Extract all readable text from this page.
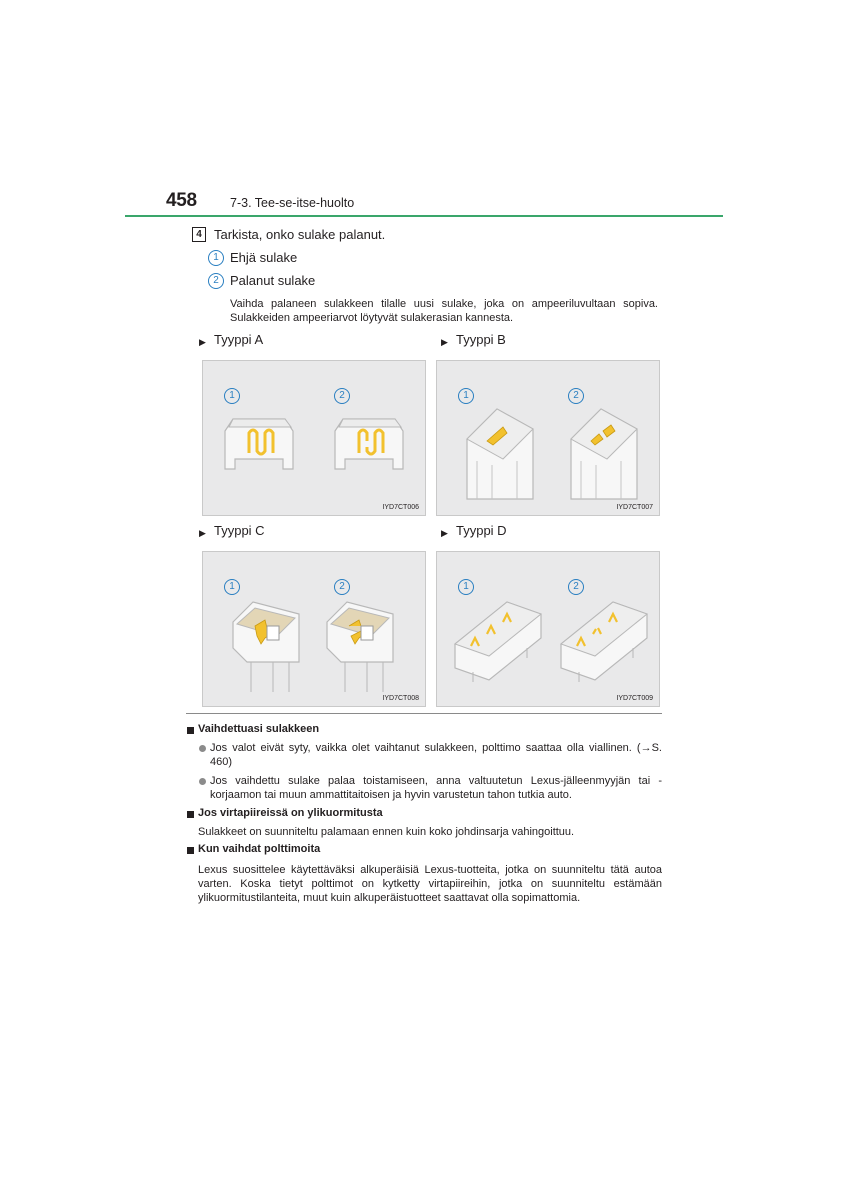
458	7-3. Tee-se-itse-huolto
4 Tarkista, onko sulake palanut.
1 Ehjä sulake
2 Palanut sulake
Vaihda palaneen sulakkeen tilalle uusi sulake, joka on ampeeriluvultaan sopiva. Sulakkeiden ampeeriarvot löytyvät sulakerasian kannesta.
▶ Tyyppi A	▶ Tyyppi B
▶ Tyyppi C	▶ Tyyppi D
1	2
IYD7CT006
1	2
IYD7CT007
1	2
IYD7CT008
1	2
IYD7CT009
Vaihdettuasi sulakkeen
Jos valot eivät syty, vaikka olet vaihtanut sulakkeen, polttimo saattaa olla viallinen. (→S. 460)
Jos vaihdettu sulake palaa toistamiseen, anna valtuutetun Lexus-jälleenmyyjän tai -korjaamon tai muun ammattitaitoisen ja hyvin varustetun tahon tutkia auto.
Jos virtapiireissä on ylikuormitusta
Sulakkeet on suunniteltu palamaan ennen kuin koko johdinsarja vahingoittuu.
Kun vaihdat polttimoita
Lexus suosittelee käytettäväksi alkuperäisiä Lexus-tuotteita, jotka on suunniteltu tätä autoa varten. Koska tietyt polttimot on kytketty virtapiireihin, jotka on suunniteltu estämään ylikuormitustilanteita, muut kuin alkuperäistuotteet saattavat olla sopimattomia.
